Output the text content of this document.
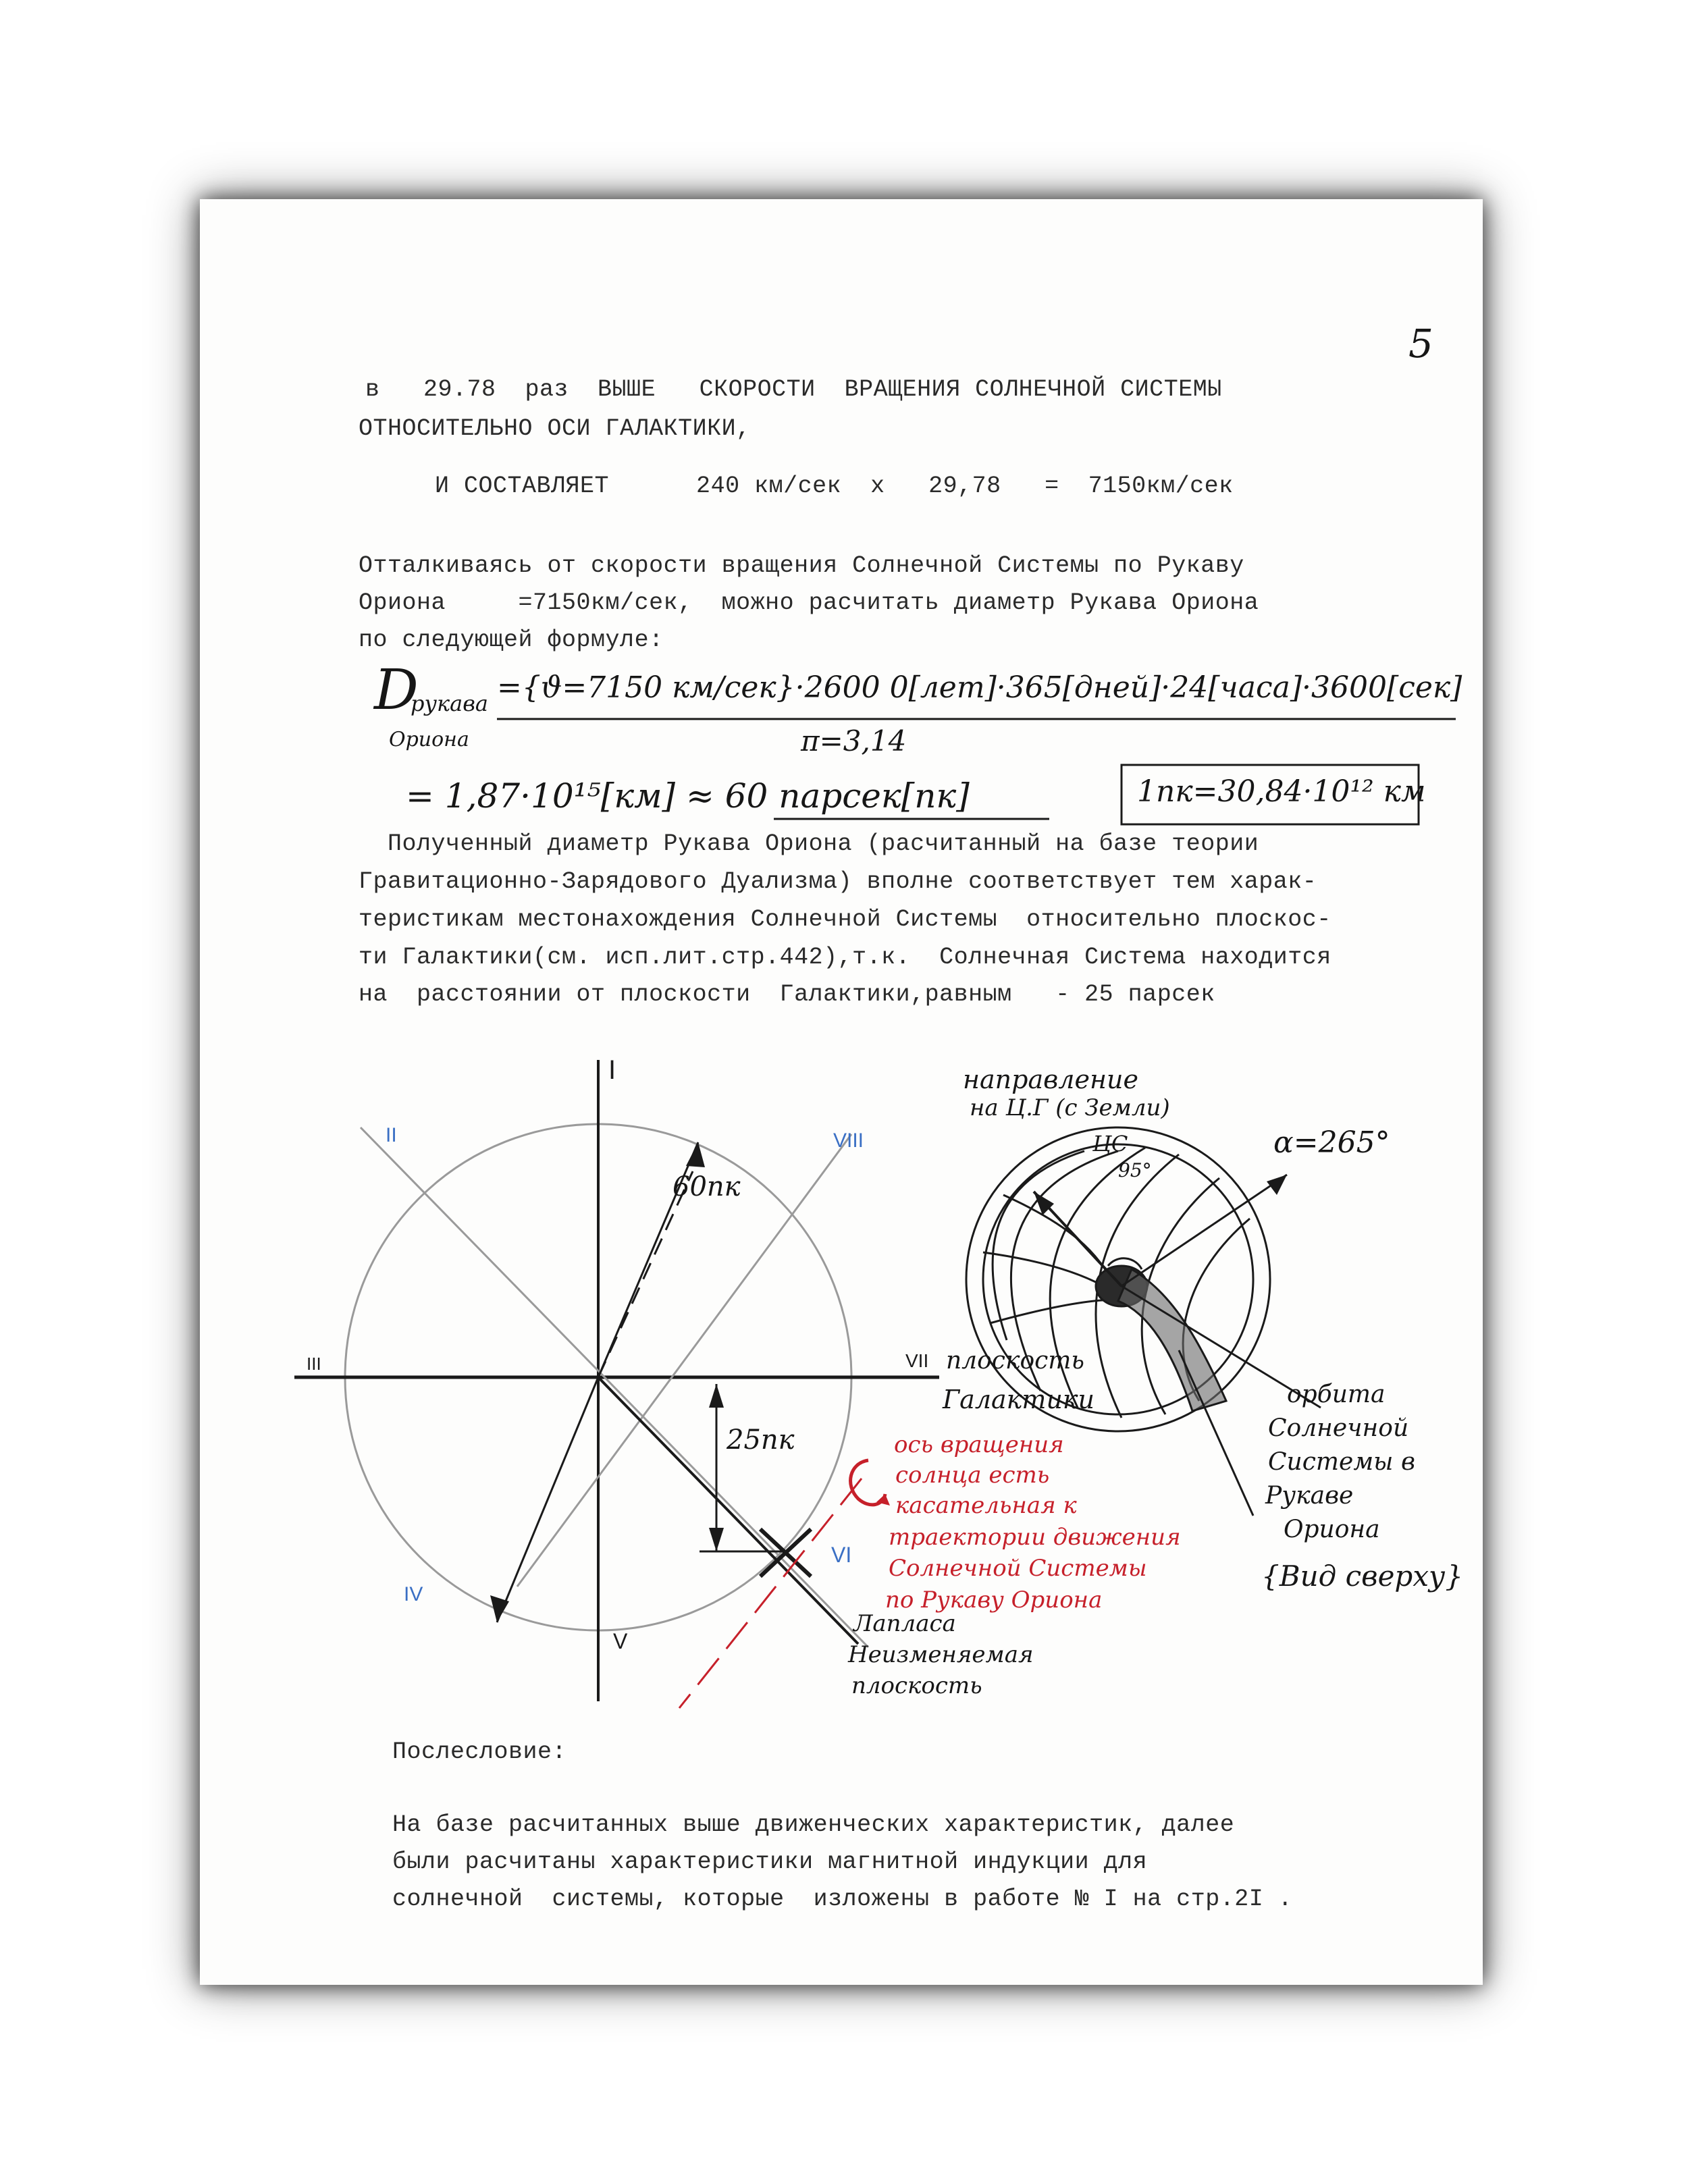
5
в   29.78  раз  ВЫШЕ   СКОРОСТИ  ВРАЩЕНИЯ СОЛНЕЧНОЙ СИСТЕМЫ
ОТНОСИТЕЛЬНО ОСИ ГАЛАКТИКИ,
И СОСТАВЛЯЕТ      240 км/сек  х   29,78   =  7150км/сек
Отталкиваясь от скорости вращения Солнечной Системы по Рукаву
Ориона     =7150км/сек,  можно расчитать диаметр Рукава Ориона
по следующей формуле:
D
рукава
Ориона
={ϑ=7150 км/сек}·2600 0[лет]·365[дней]·24[часа]·3600[сек]
π=3,14
= 1,87·10¹⁵[км] ≈ 60 парсек[пк]	1пк=30,84·10¹² км
Полученный диаметр Рукава Ориона (расчитанный на базе теории
Гравитационно-Зарядового Дуализма) вполне соответствует тем харак-
теристикам местонахождения Солнечной Системы  относительно плоскос-
ти Галактики(см. исп.лит.стр.442),т.к.  Солнечная Система находится
на  расстоянии от плоскости  Галактики,равным   - 25 парсек
I
II
III
IV
V
VI
VII
VIII
60пк
25пк
плоскость
Галактики
Лапласа
Неизменяемая
плоскость
ось вращения
солнца есть
касательная к
траектории движения
Солнечной Системы
по Рукаву Ориона
направление
на Ц.Г (с Земли)
ЦС
95°
α=265°
орбита
Солнечной
Системы в
Рукаве
Ориона
{Вид сверху}
Послесловие:
На базе расчитанных выше движенческих характеристик, далее
были расчитаны характеристики магнитной индукции для
солнечной  системы, которые  изложены в работе № I на стр.2I .
